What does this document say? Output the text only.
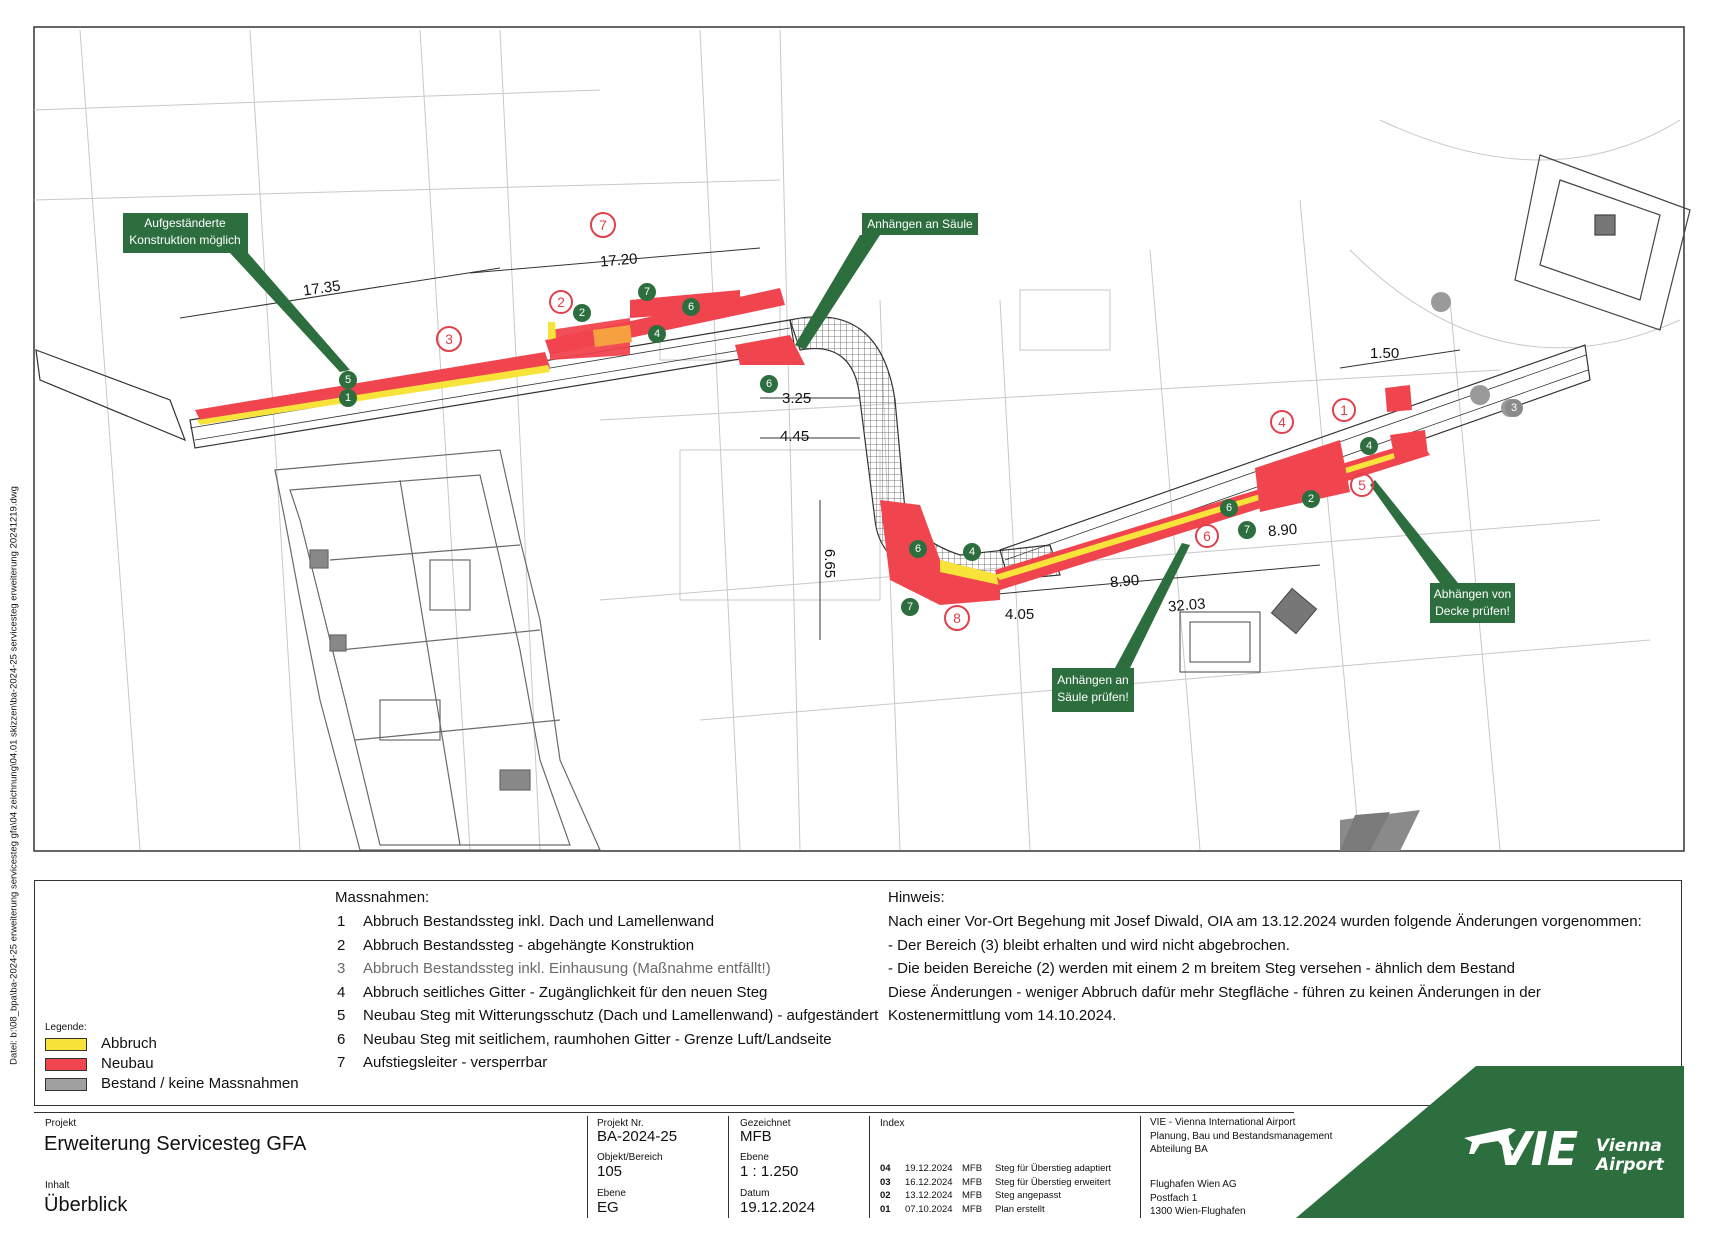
Datei: b:\08_bpa\ba-2024-25 erweiterung servicesteg gfa\04 zeichnung\04.01 skizzen\ba-2024-25 servicesteg erweiterung 20241219.dwg
17.35
17.20
3.25
4.45
6.65
4.05
8.90
32.03
8.90
1.50
5
1
2
7
6
4
6
6	4
7
6
7
2
4
3
3
2
7
4
1
5
6
8
Aufgeständerte Konstruktion möglich
Anhängen an Säule
Abhängen von Decke prüfen!
Anhängen an Säule prüfen!
Massnahmen:
1 Abbruch Bestandssteg inkl. Dach und Lamellenwand
2 Abbruch Bestandssteg - abgehängte Konstruktion
3 Abbruch Bestandssteg inkl. Einhausung (Maßnahme entfällt!)
4 Abbruch seitliches Gitter - Zugänglichkeit für den neuen Steg
5 Neubau Steg mit Witterungsschutz (Dach und Lamellenwand) - aufgeständert
6 Neubau Steg mit seitlichem, raumhohen Gitter - Grenze Luft/Landseite
7 Aufstiegsleiter - versperrbar
Hinweis:
Nach einer Vor-Ort Begehung mit Josef Diwald, OIA am 13.12.2024 wurden folgende Änderungen vorgenommen:
- Der Bereich (3) bleibt erhalten und wird nicht abgebrochen.
- Die beiden Bereiche (2) werden mit einem 2 m breitem Steg versehen - ähnlich dem Bestand
Diese Änderungen - weniger Abbruch dafür mehr Stegfläche - führen zu keinen Änderungen in der
Kostenermittlung vom 14.10.2024.
Legende:
Abbruch
Neubau
Bestand / keine Massnahmen
Projekt
Erweiterung Servicesteg GFA
Inhalt
Überblick
Projekt Nr.
BA-2024-25
Objekt/Bereich
105
Ebene
EG
Gezeichnet
MFB
Ebene
1 : 1.250
Datum
19.12.2024
Index
04 19.12.2024 MFB Steg für Überstieg adaptiert
03 16.12.2024 MFB Steg für Überstieg erweitert
02 13.12.2024 MFB Steg angepasst
01 07.10.2024 MFB Plan erstellt
VIE - Vienna International Airport
Planung, Bau und Bestandsmanagement
Abteilung BA
Flughafen Wien AG
Postfach 1
1300 Wien-Flughafen
VIE Vienna
Airport
